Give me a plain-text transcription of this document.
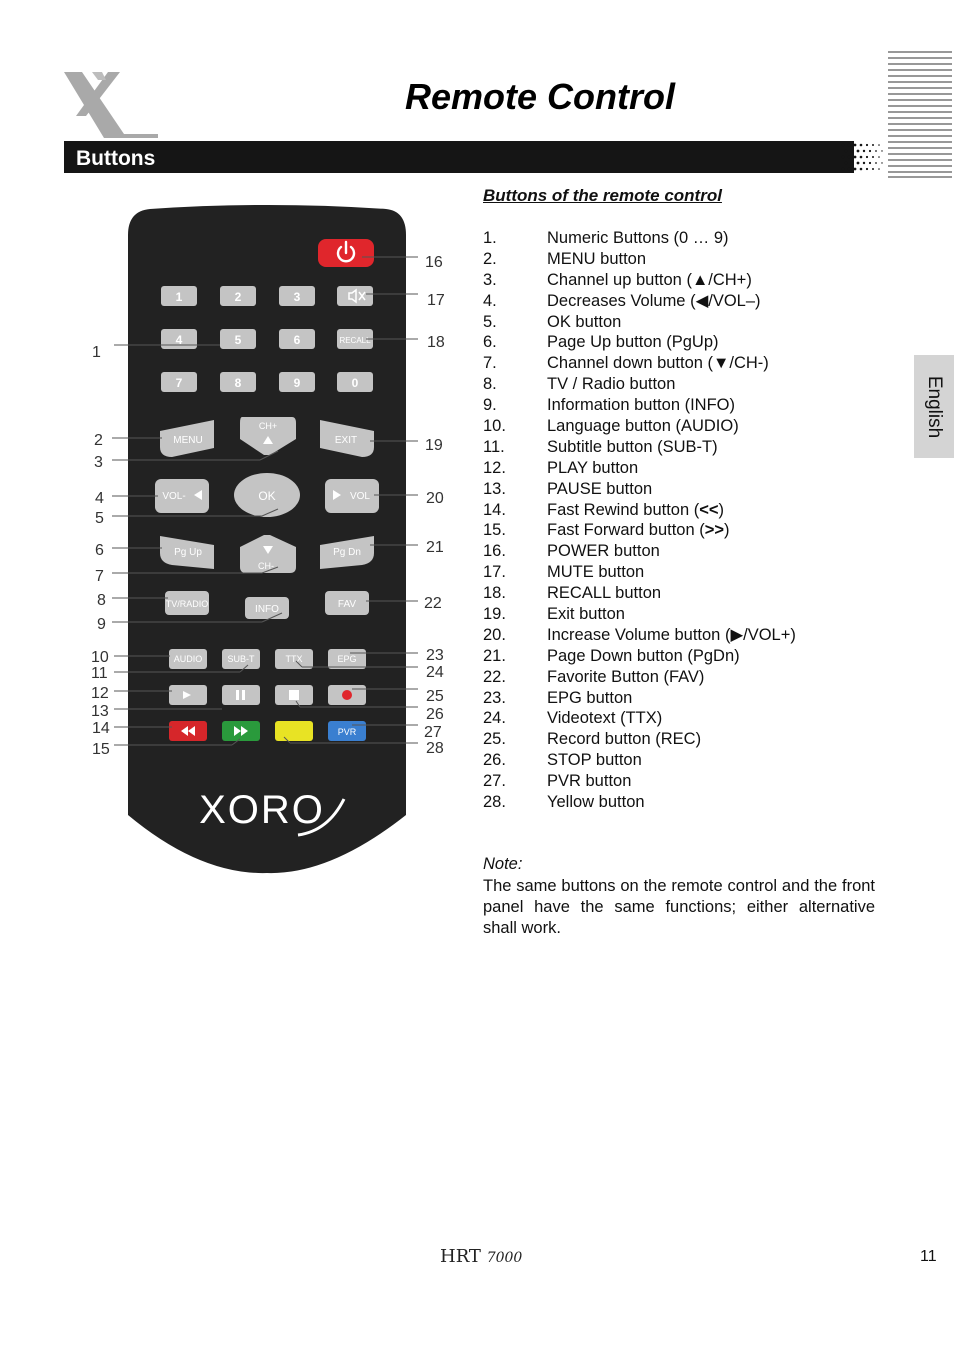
Remote Control
Buttons
1	2	3
4	5	6
7	8	9	0
RECALL
MENU
CH+
EXIT
VOL-	OK	VOL
Pg Up
CH-
Pg Dn
TV/RADIO	INFO	FAV
AUDIO	SUB-T	TTX	EPG
PVR
XORO
1
2
3
4
5
6
7
8
9
10
11
12
13
14
15
16
17
18
19
20
21
22
23
24
25
26
27
28
Buttons of the remote control
1.	Numeric Buttons (0 … 9)
2.	MENU button
3.	Channel up button (▲/CH+)
4.	Decreases Volume (◀/VOL–)
5.	OK button
6.	Page Up button (PgUp)
7.	Channel down button (▼/CH-)
8.	TV / Radio button
9.	Information button (INFO)
10. Language button (AUDIO)
11.	Subtitle button (SUB-T)
12. PLAY button
13. PAUSE button
14. Fast Rewind button (<<)
15. Fast Forward button (>>)
16. POWER button
17. MUTE button
18. RECALL button
19. Exit button
20. Increase Volume button (▶/VOL+)
21. Page Down button (PgDn)
22. Favorite Button (FAV)
23. EPG button
24. Videotext (TTX)
25. Record button (REC)
26. STOP button
27. PVR button
28. Yellow button
Note:
The same buttons on the remote control and the front panel have the same functions; either alternative shall work.
English
HRT 7000	11
